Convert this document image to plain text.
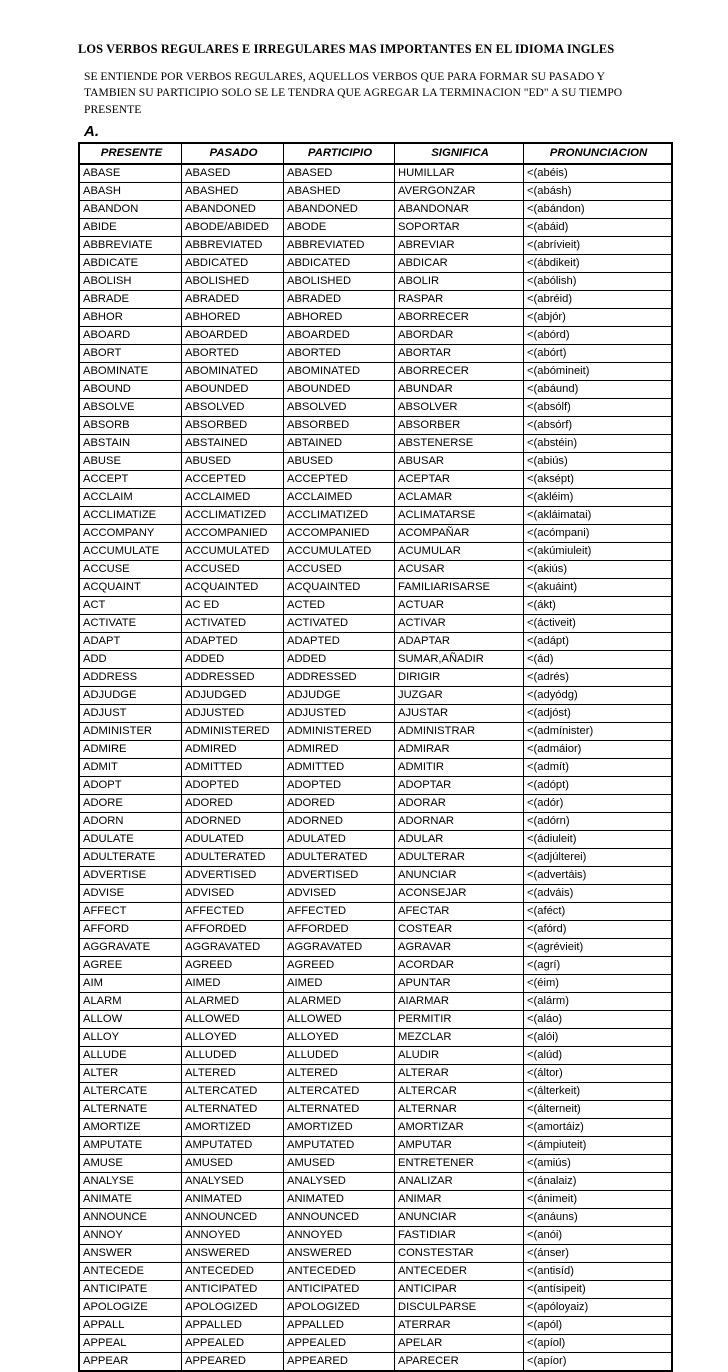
LOS VERBOS REGULARES E IRREGULARES MAS IMPORTANTES EN EL IDIOMA INGLES

SE ENTIENDE POR VERBOS REGULARES, AQUELLOS VERBOS QUE PARA FORMAR SU PASADO Y TAMBIEN SU PARTICIPIO SOLO SE LE TENDRA QUE AGREGAR LA TERMINACION "ED" A SU TIEMPO PRESENTE

A.
PRESENTE	PASADO	PARTICIPIO	SIGNIFICA	PRONUNCIACION
ABASE	ABASED	ABASED	HUMILLAR	<(abéis)
ABASH	ABASHED	ABASHED	AVERGONZAR	<(abásh)
ABANDON	ABANDONED	ABANDONED	ABANDONAR	<(abándon)
ABIDE	ABODE/ABIDED	ABODE	SOPORTAR	<(abáid)
ABBREVIATE	ABBREVIATED	ABBREVIATED	ABREVIAR	<(abrívieit)
ABDICATE	ABDICATED	ABDICATED	ABDICAR	<(ábdikeit)
ABOLISH	ABOLISHED	ABOLISHED	ABOLIR	<(abólish)
ABRADE	ABRADED	ABRADED	RASPAR	<(abréid)
ABHOR	ABHORED	ABHORED	ABORRECER	<(abjór)
ABOARD	ABOARDED	ABOARDED	ABORDAR	<(abórd)
ABORT	ABORTED	ABORTED	ABORTAR	<(abórt)
ABOMINATE	ABOMINATED	ABOMINATED	ABORRECER	<(abómineit)
ABOUND	ABOUNDED	ABOUNDED	ABUNDAR	<(abáund)
ABSOLVE	ABSOLVED	ABSOLVED	ABSOLVER	<(absólf)
ABSORB	ABSORBED	ABSORBED	ABSORBER	<(absórf)
ABSTAIN	ABSTAINED	ABTAINED	ABSTENERSE	<(abstéin)
ABUSE	ABUSED	ABUSED	ABUSAR	<(abiús)
ACCEPT	ACCEPTED	ACCEPTED	ACEPTAR	<(aksépt)
ACCLAIM	ACCLAIMED	ACCLAIMED	ACLAMAR	<(akléim)
ACCLIMATIZE	ACCLIMATIZED	ACCLIMATIZED	ACLIMATARSE	<(akláimatai)
ACCOMPANY	ACCOMPANIED	ACCOMPANIED	ACOMPAÑAR	<(acómpani)
ACCUMULATE	ACCUMULATED	ACCUMULATED	ACUMULAR	<(akúmiuleit)
ACCUSE	ACCUSED	ACCUSED	ACUSAR	<(akiús)
ACQUAINT	ACQUAINTED	ACQUAINTED	FAMILIARISARSE	<(akuáint)
ACT	AC ED	ACTED	ACTUAR	<(ákt)
ACTIVATE	ACTIVATED	ACTIVATED	ACTIVAR	<(áctiveit)
ADAPT	ADAPTED	ADAPTED	ADAPTAR	<(adápt)
ADD	ADDED	ADDED	SUMAR,AÑADIR	<(ád)
ADDRESS	ADDRESSED	ADDRESSED	DIRIGIR	<(adrés)
ADJUDGE	ADJUDGED	ADJUDGE	JUZGAR	<(adyódg)
ADJUST	ADJUSTED	ADJUSTED	AJUSTAR	<(adjóst)
ADMINISTER	ADMINISTERED	ADMINISTERED	ADMINISTRAR	<(admínister)
ADMIRE	ADMIRED	ADMIRED	ADMIRAR	<(admáior)
ADMIT	ADMITTED	ADMITTED	ADMITIR	<(admít)
ADOPT	ADOPTED	ADOPTED	ADOPTAR	<(adópt)
ADORE	ADORED	ADORED	ADORAR	<(adór)
ADORN	ADORNED	ADORNED	ADORNAR	<(adórn)
ADULATE	ADULATED	ADULATED	ADULAR	<(ádiuleit)
ADULTERATE	ADULTERATED	ADULTERATED	ADULTERAR	<(adjúlterei)
ADVERTISE	ADVERTISED	ADVERTISED	ANUNCIAR	<(advertáis)
ADVISE	ADVISED	ADVISED	ACONSEJAR	<(adváis)
AFFECT	AFFECTED	AFFECTED	AFECTAR	<(aféct)
AFFORD	AFFORDED	AFFORDED	COSTEAR	<(afórd)
AGGRAVATE	AGGRAVATED	AGGRAVATED	AGRAVAR	<(agrévieit)
AGREE	AGREED	AGREED	ACORDAR	<(agrí)
AIM	AIMED	AIMED	APUNTAR	<(éim)
ALARM	ALARMED	ALARMED	AIARMAR	<(alárm)
ALLOW	ALLOWED	ALLOWED	PERMITIR	<(aláo)
ALLOY	ALLOYED	ALLOYED	MEZCLAR	<(alói)
ALLUDE	ALLUDED	ALLUDED	ALUDIR	<(alúd)
ALTER	ALTERED	ALTERED	ALTERAR	<(áltor)
ALTERCATE	ALTERCATED	ALTERCATED	ALTERCAR	<(álterkeit)
ALTERNATE	ALTERNATED	ALTERNATED	ALTERNAR	<(álterneit)
AMORTIZE	AMORTIZED	AMORTIZED	AMORTIZAR	<(amortáiz)
AMPUTATE	AMPUTATED	AMPUTATED	AMPUTAR	<(ámpiuteit)
AMUSE	AMUSED	AMUSED	ENTRETENER	<(amiús)
ANALYSE	ANALYSED	ANALYSED	ANALIZAR	<(ánalaiz)
ANIMATE	ANIMATED	ANIMATED	ANIMAR	<(ánimeit)
ANNOUNCE	ANNOUNCED	ANNOUNCED	ANUNCIAR	<(anáuns)
ANNOY	ANNOYED	ANNOYED	FASTIDIAR	<(anói)
ANSWER	ANSWERED	ANSWERED	CONSTESTAR	<(ánser)
ANTECEDE	ANTECEDED	ANTECEDED	ANTECEDER	<(antisíd)
ANTICIPATE	ANTICIPATED	ANTICIPATED	ANTICIPAR	<(antísipeit)
APOLOGIZE	APOLOGIZED	APOLOGIZED	DISCULPARSE	<(apóloyaiz)
APPALL	APPALLED	APPALLED	ATERRAR	<(apól)
APPEAL	APPEALED	APPEALED	APELAR	<(apíol)
APPEAR	APPEARED	APPEARED	APARECER	<(apíor)
